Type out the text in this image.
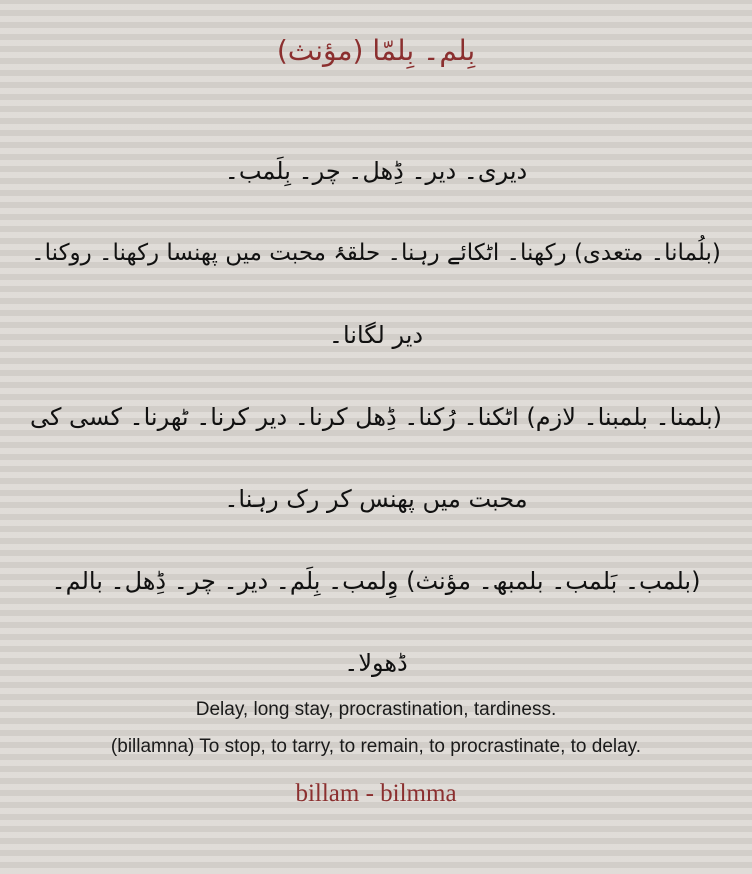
بِلم۔ بِلمّا (مؤنث)
دیری۔ دیر۔ ڈِھل۔ چر۔ بِلَمب۔
(بلُمانا۔ متعدی) رکھنا۔ اٹکائے رہنا۔ حلقۂ محبت میں پھنسا رکھنا۔ روکنا۔
دیر لگانا۔
(بلمنا۔ بلمبنا۔ لازم) اٹکنا۔ رُکنا۔ ڈِھل کرنا۔ دیر کرنا۔ ٹھرنا۔ کسی کی
محبت میں پھنس کر رک رہنا۔
(بلمب۔ بَلمب۔ بلمبھ۔ مؤنث) وِلمب۔ بِلَم۔ دیر۔ چر۔ ڈِھل۔ بالم۔
ڈھولا۔
Delay, long stay, procrastination, tardiness.
(billamna) To stop, to tarry, to remain, to procrastinate, to delay.
billam - bilmma
